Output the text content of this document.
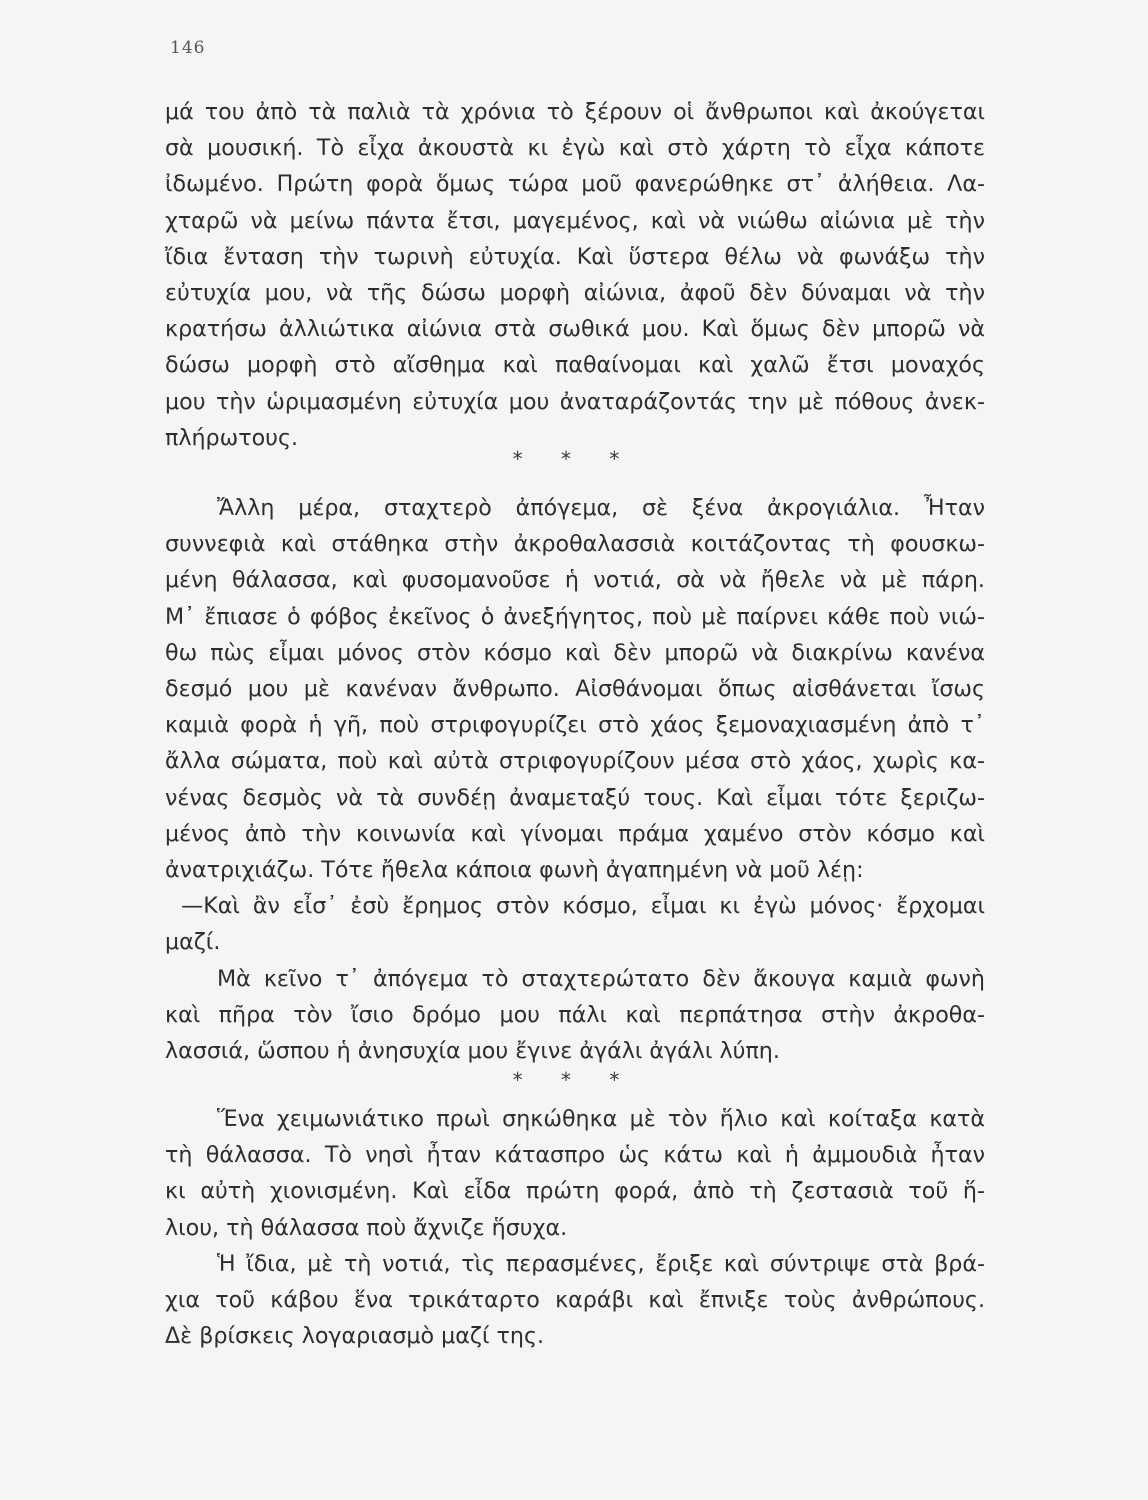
146
μά του ἀπὸ τὰ παλιὰ τὰ χρόνια τὸ ξέρουν οἱ ἄνθρωποι καὶ ἀκούγεται
σὰ μουσική. Τὸ εἶχα ἀκουστὰ κι ἐγὼ καὶ στὸ χάρτη τὸ εἶχα κάποτε
ἰδωμένο. Πρώτη φορὰ ὅμως τώρα μοῦ φανερώθηκε στ᾽ ἀλήθεια. Λα-
χταρῶ νὰ μείνω πάντα ἔτσι, μαγεμένος, καὶ νὰ νιώθω αἰώνια μὲ τὴν
ἴδια ἔνταση τὴν τωρινὴ εὐτυχία. Καὶ ὕστερα θέλω νὰ φωνάξω τὴν
εὐτυχία μου, νὰ τῆς δώσω μορφὴ αἰώνια, ἀφοῦ δὲν δύναμαι νὰ τὴν
κρατήσω ἀλλιώτικα αἰώνια στὰ σωθικά μου. Καὶ ὅμως δὲν μπορῶ νὰ
δώσω μορφὴ στὸ αἴσθημα καὶ παθαίνομαι καὶ χαλῶ ἔτσι μοναχός
μου τὴν ὡριμασμένη εὐτυχία μου ἀναταράζοντάς την μὲ πόθους ἀνεκ-
πλήρωτους.
* * *
Ἄλλη μέρα, σταχτερὸ ἀπόγεμα, σὲ ξένα ἀκρογιάλια. Ἦταν
συννεφιὰ καὶ στάθηκα στὴν ἀκροθαλασσιὰ κοιτάζοντας τὴ φουσκω-
μένη θάλασσα, καὶ φυσομανοῦσε ἡ νοτιά, σὰ νὰ ἤθελε νὰ μὲ πάρη.
Μ᾽ ἔπιασε ὁ φόβος ἐκεῖνος ὁ ἀνεξήγητος, ποὺ μὲ παίρνει κάθε ποὺ νιώ-
θω πὼς εἶμαι μόνος στὸν κόσμο καὶ δὲν μπορῶ νὰ διακρίνω κανένα
δεσμό μου μὲ κανέναν ἄνθρωπο. Αἰσθάνομαι ὅπως αἰσθάνεται ἴσως
καμιὰ φορὰ ἡ γῆ, ποὺ στριφογυρίζει στὸ χάος ξεμοναχιασμένη ἀπὸ τ᾽
ἄλλα σώματα, ποὺ καὶ αὐτὰ στριφογυρίζουν μέσα στὸ χάος, χωρὶς κα-
νένας δεσμὸς νὰ τὰ συνδέῃ ἀναμεταξύ τους. Καὶ εἶμαι τότε ξεριζω-
μένος ἀπὸ τὴν κοινωνία καὶ γίνομαι πράμα χαμένο στὸν κόσμο καὶ
ἀνατριχιάζω. Τότε ἤθελα κάποια φωνὴ ἀγαπημένη νὰ μοῦ λέῃ:
—Καὶ ἂν εἶσ᾽ ἐσὺ ἔρημος στὸν κόσμο, εἶμαι κι ἐγὼ μόνος· ἔρχομαι
μαζί.
Μὰ κεῖνο τ᾽ ἀπόγεμα τὸ σταχτερώτατο δὲν ἄκουγα καμιὰ φωνὴ
καὶ πῆρα τὸν ἴσιο δρόμο μου πάλι καὶ περπάτησα στὴν ἀκροθα-
λασσιά, ὥσπου ἡ ἀνησυχία μου ἔγινε ἀγάλι ἀγάλι λύπη.
* * *
Ἕνα χειμωνιάτικο πρωὶ σηκώθηκα μὲ τὸν ἥλιο καὶ κοίταξα κατὰ
τὴ θάλασσα. Τὸ νησὶ ἦταν κάτασπρο ὡς κάτω καὶ ἡ ἀμμουδιὰ ἦταν
κι αὐτὴ χιονισμένη. Καὶ εἶδα πρώτη φορά, ἀπὸ τὴ ζεστασιὰ τοῦ ἥ-
λιου, τὴ θάλασσα ποὺ ἄχνιζε ἥσυχα.
Ἡ ἴδια, μὲ τὴ νοτιά, τὶς περασμένες, ἔριξε καὶ σύντριψε στὰ βρά-
χια τοῦ κάβου ἕνα τρικάταρτο καράβι καὶ ἔπνιξε τοὺς ἀνθρώπους.
Δὲ βρίσκεις λογαριασμὸ μαζί της.
